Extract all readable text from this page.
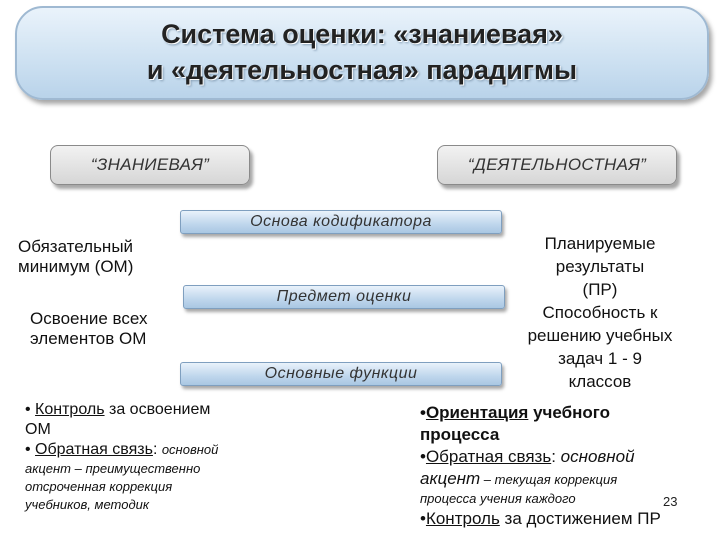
Система оценки: «знаниевая»
и «деятельностная» парадигмы
“ЗНАНИЕВАЯ”	“ДЕЯТЕЛЬНОСТНАЯ”
Основа кодификатора
Предмет оценки
Основные функции
Обязательный
минимум (ОМ)
Освоение всех
элементов ОМ
• Контроль за освоением
ОМ
• Обратная связь: основной
акцент – преимущественно
отсроченная коррекция
учебников, методик
Планируемые
результаты
(ПР)
Способность к
решению учебных
задач 1 - 9
классов
•Ориентация учебного
процесса
•Обратная связь: основной
акцент – текущая коррекция
процесса учения каждого
•Контроль за достижением ПР
23
